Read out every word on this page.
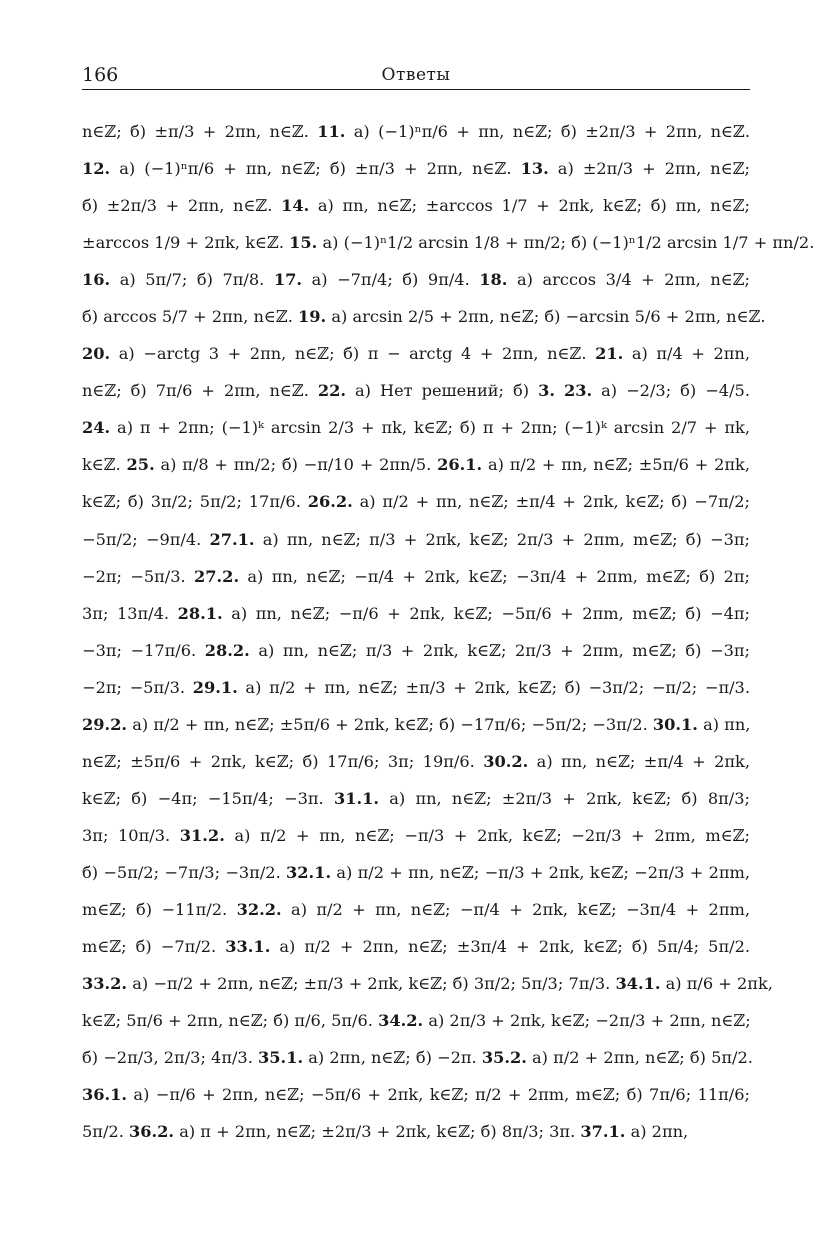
166	Ответы
n∈ℤ; б) ±π/3 + 2πn, n∈ℤ. 11. а) (−1)ⁿπ/6 + πn, n∈ℤ; б) ±2π/3 + 2πn, n∈ℤ.
12. а) (−1)ⁿπ/6 + πn, n∈ℤ; б) ±π/3 + 2πn, n∈ℤ. 13. а) ±2π/3 + 2πn, n∈ℤ;
б) ±2π/3 + 2πn, n∈ℤ. 14. а) πn, n∈ℤ; ±arccos 1/7 + 2πk, k∈ℤ; б) πn, n∈ℤ;
±arccos 1/9 + 2πk, k∈ℤ. 15. а) (−1)ⁿ1/2 arcsin 1/8 + πn/2; б) (−1)ⁿ1/2 arcsin 1/7 + πn/2.
16. а) 5π/7; б) 7π/8. 17. а) −7π/4; б) 9π/4. 18. а) arccos 3/4 + 2πn, n∈ℤ;
б) arccos 5/7 + 2πn, n∈ℤ. 19. а) arcsin 2/5 + 2πn, n∈ℤ; б) −arcsin 5/6 + 2πn, n∈ℤ.
20. а) −arctg 3 + 2πn, n∈ℤ; б) π − arctg 4 + 2πn, n∈ℤ. 21. а) π/4 + 2πn,
n∈ℤ; б) 7π/6 + 2πn, n∈ℤ. 22. а) Нет решений; б) 3. 23. а) −2/3; б) −4/5.
24. а) π + 2πn; (−1)ᵏ arcsin 2/3 + πk, k∈ℤ; б) π + 2πn; (−1)ᵏ arcsin 2/7 + πk,
k∈ℤ. 25. а) π/8 + πn/2; б) −π/10 + 2πn/5. 26.1. а) π/2 + πn, n∈ℤ; ±5π/6 + 2πk,
k∈ℤ; б) 3π/2; 5π/2; 17π/6. 26.2. а) π/2 + πn, n∈ℤ; ±π/4 + 2πk, k∈ℤ; б) −7π/2;
−5π/2; −9π/4. 27.1. а) πn, n∈ℤ; π/3 + 2πk, k∈ℤ; 2π/3 + 2πm, m∈ℤ; б) −3π;
−2π; −5π/3. 27.2. а) πn, n∈ℤ; −π/4 + 2πk, k∈ℤ; −3π/4 + 2πm, m∈ℤ; б) 2π;
3π; 13π/4. 28.1. а) πn, n∈ℤ; −π/6 + 2πk, k∈ℤ; −5π/6 + 2πm, m∈ℤ; б) −4π;
−3π; −17π/6. 28.2. а) πn, n∈ℤ; π/3 + 2πk, k∈ℤ; 2π/3 + 2πm, m∈ℤ; б) −3π;
−2π; −5π/3. 29.1. а) π/2 + πn, n∈ℤ; ±π/3 + 2πk, k∈ℤ; б) −3π/2; −π/2; −π/3.
29.2. а) π/2 + πn, n∈ℤ; ±5π/6 + 2πk, k∈ℤ; б) −17π/6; −5π/2; −3π/2. 30.1. а) πn,
n∈ℤ; ±5π/6 + 2πk, k∈ℤ; б) 17π/6; 3π; 19π/6. 30.2. а) πn, n∈ℤ; ±π/4 + 2πk,
k∈ℤ; б) −4π; −15π/4; −3π. 31.1. а) πn, n∈ℤ; ±2π/3 + 2πk, k∈ℤ; б) 8π/3;
3π; 10π/3. 31.2. а) π/2 + πn, n∈ℤ; −π/3 + 2πk, k∈ℤ; −2π/3 + 2πm, m∈ℤ;
б) −5π/2; −7π/3; −3π/2. 32.1. а) π/2 + πn, n∈ℤ; −π/3 + 2πk, k∈ℤ; −2π/3 + 2πm,
m∈ℤ; б) −11π/2. 32.2. а) π/2 + πn, n∈ℤ; −π/4 + 2πk, k∈ℤ; −3π/4 + 2πm,
m∈ℤ; б) −7π/2. 33.1. а) π/2 + 2πn, n∈ℤ; ±3π/4 + 2πk, k∈ℤ; б) 5π/4; 5π/2.
33.2. а) −π/2 + 2πn, n∈ℤ; ±π/3 + 2πk, k∈ℤ; б) 3π/2; 5π/3; 7π/3. 34.1. а) π/6 + 2πk,
k∈ℤ; 5π/6 + 2πn, n∈ℤ; б) π/6, 5π/6. 34.2. а) 2π/3 + 2πk, k∈ℤ; −2π/3 + 2πn, n∈ℤ;
б) −2π/3, 2π/3; 4π/3. 35.1. а) 2πn, n∈ℤ; б) −2π. 35.2. а) π/2 + 2πn, n∈ℤ; б) 5π/2.
36.1. а) −π/6 + 2πn, n∈ℤ; −5π/6 + 2πk, k∈ℤ; π/2 + 2πm, m∈ℤ; б) 7π/6; 11π/6;
5π/2. 36.2. а) π + 2πn, n∈ℤ; ±2π/3 + 2πk, k∈ℤ; б) 8π/3; 3π. 37.1. а) 2πn,
